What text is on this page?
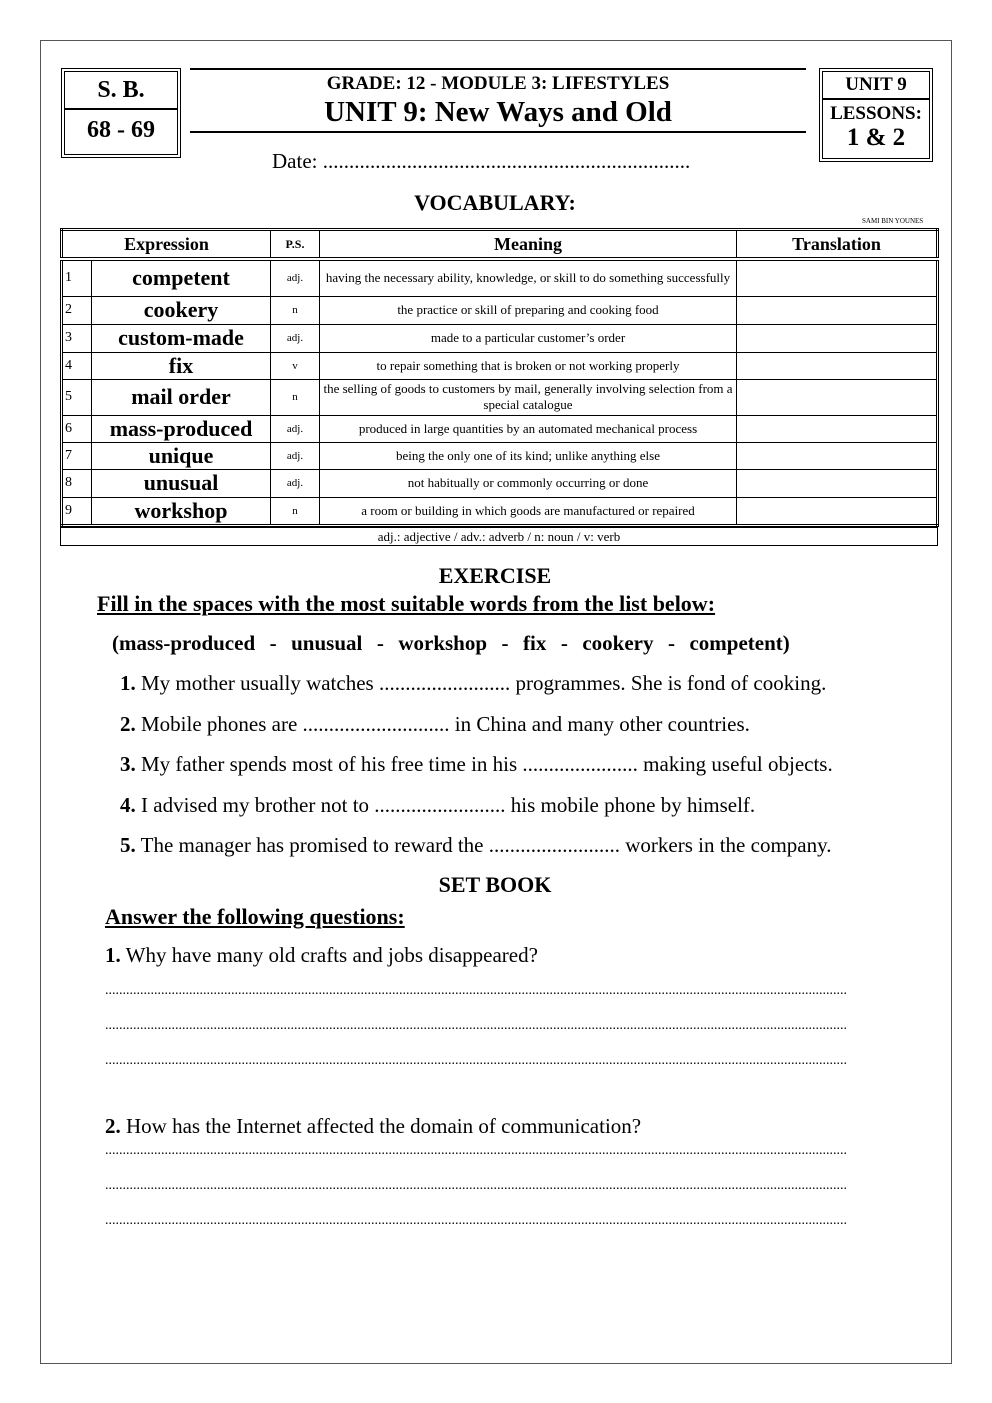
S. B.
68 - 69
GRADE: 12 - MODULE 3: LIFESTYLES
UNIT 9: New Ways and Old
UNIT 9
LESSONS:
1 & 2
Date: ......................................................................
VOCABULARY:
SAMI BIN YOUNES
Expression		P.S.	Meaning	Translation
1	competent	adj.	having the necessary ability, knowledge, or skill to do something successfully	
2	cookery	n	the practice or skill of preparing and cooking food	
3	custom-made	adj.	made to a particular customer’s order	
4	fix	v	to repair something that is broken or not working properly	
5	mail order	n	the selling of goods to customers by mail, generally involving selection from a special catalogue	
6	mass-produced	adj.	produced in large quantities by an automated mechanical process	
7	unique	adj.	being the only one of its kind; unlike anything else	
8	unusual	adj.	not habitually or commonly occurring or done	
9	workshop	n	a room or building in which goods are manufactured or repaired	
adj.: adjective / adv.: adverb / n: noun / v: verb
EXERCISE
Fill in the spaces with the most suitable words from the list below:
(mass-produced  -  unusual  -  workshop  -  fix  -  cookery  -  competent)
1. My mother usually watches ......................... programmes. She is fond of cooking.
2. Mobile phones are ............................ in China and many other countries.
3. My father spends most of his free time in his ...................... making useful objects.
4. I advised my brother not to ......................... his mobile phone by himself.
5. The manager has promised to reward the ......................... workers in the company.
SET BOOK
Answer the following questions:
1. Why have many old crafts and jobs disappeared?
....................................................................................................................................................................................................................
....................................................................................................................................................................................................................
....................................................................................................................................................................................................................
2. How has the Internet affected the domain of communication?
....................................................................................................................................................................................................................
....................................................................................................................................................................................................................
....................................................................................................................................................................................................................
